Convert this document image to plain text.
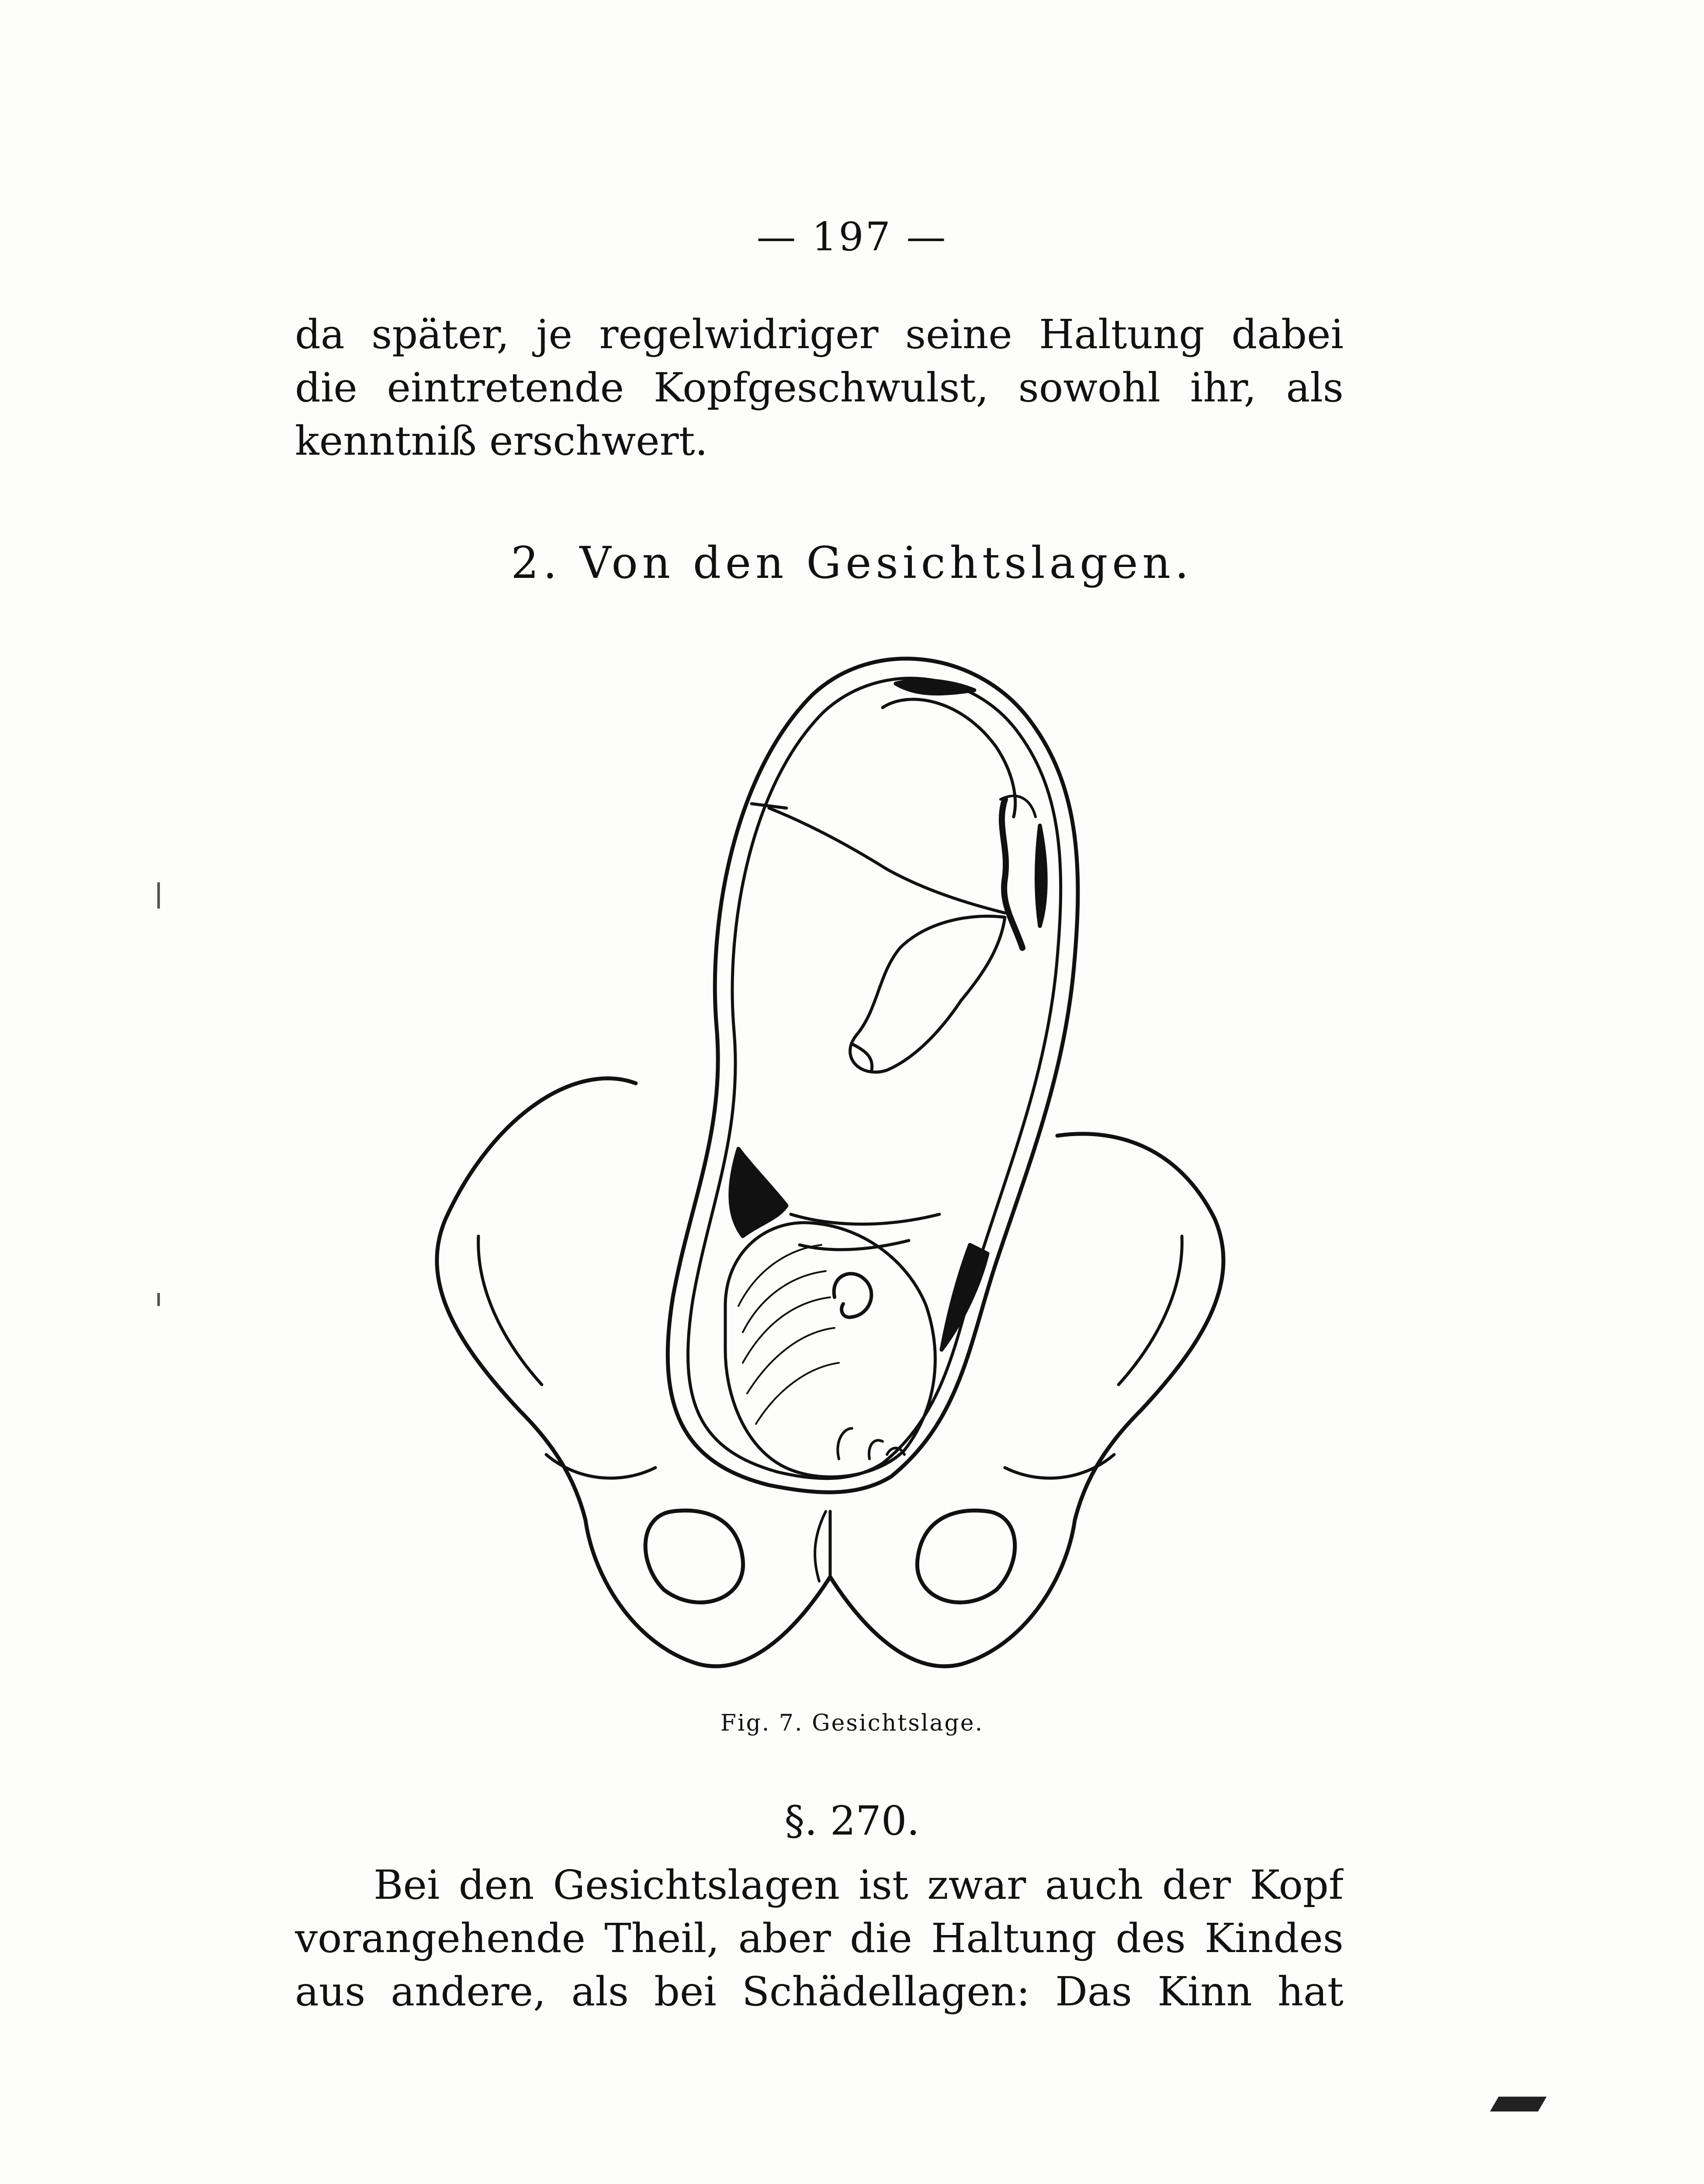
— 197 —
da später, je regelwidriger seine Haltung dabei
die eintretende Kopfgeschwulst, sowohl ihr, als
kenntniß erschwert.
2. Von den Gesichtslagen.
Fig. 7. Gesichtslage.
§. 270.
Bei den Gesichtslagen ist zwar auch der Kopf
vorangehende Theil, aber die Haltung des Kindes
aus andere, als bei Schädellagen: Das Kinn hat
